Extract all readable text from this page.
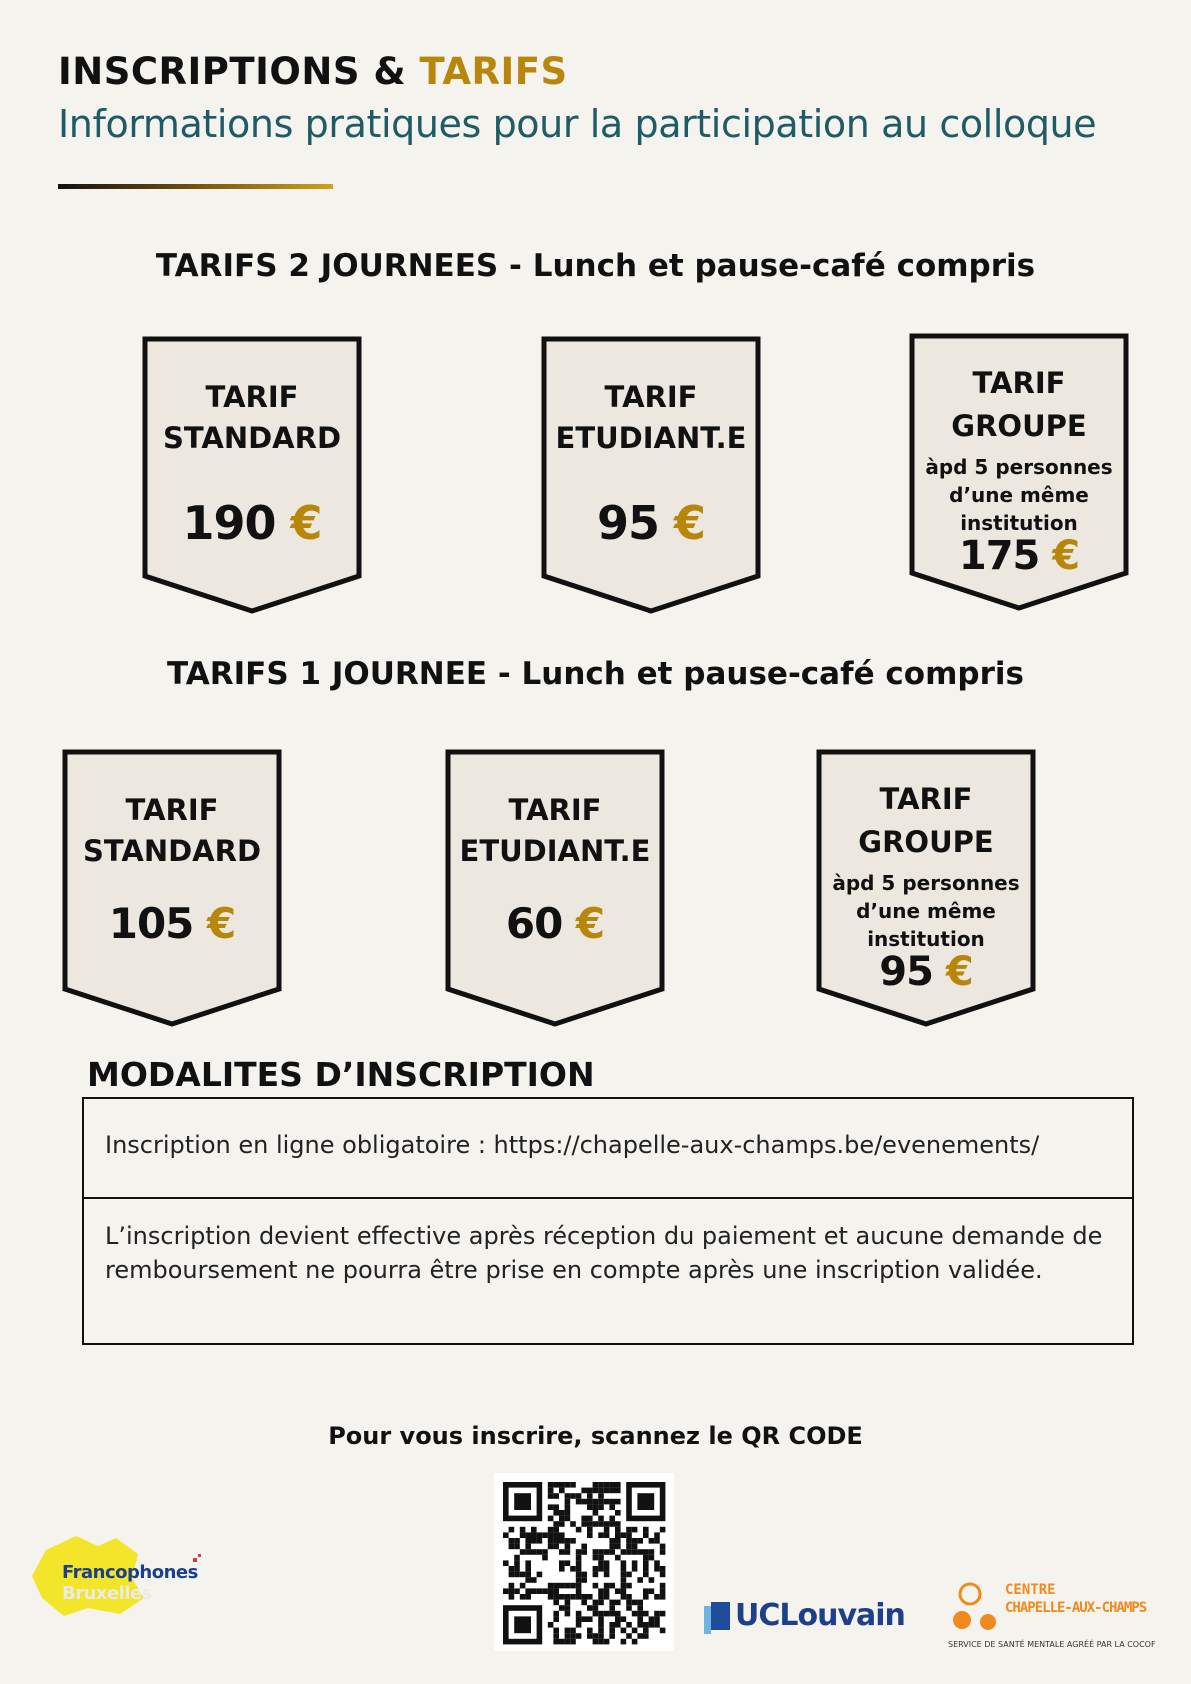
INSCRIPTIONS & TARIFS
Informations pratiques pour la participation au colloque
TARIFS 2 JOURNEES - Lunch et pause-café compris
TARIF
STANDARD
190 €
TARIF
ETUDIANT.E
95 €
TARIF
GROUPE
àpd 5 personnes d’une même institution
175 €
TARIFS 1 JOURNEE - Lunch et pause-café compris
TARIF
STANDARD
105 €
TARIF
ETUDIANT.E
60 €
TARIF
GROUPE
àpd 5 personnes d’une même institution
95 €
MODALITES D’INSCRIPTION
Inscription en ligne obligatoire : https://chapelle-aux-champs.be/evenements/
L’inscription devient effective après réception du paiement et aucune demande de remboursement ne pourra être prise en compte après une inscription validée.
Pour vous inscrire, scannez le QR CODE
Francophones
Bruxelles
UCLouvain
CENTRE
CHAPELLE-AUX-CHAMPS
SERVICE DE SANTÉ MENTALE AGRÉÉ PAR LA COCOF
